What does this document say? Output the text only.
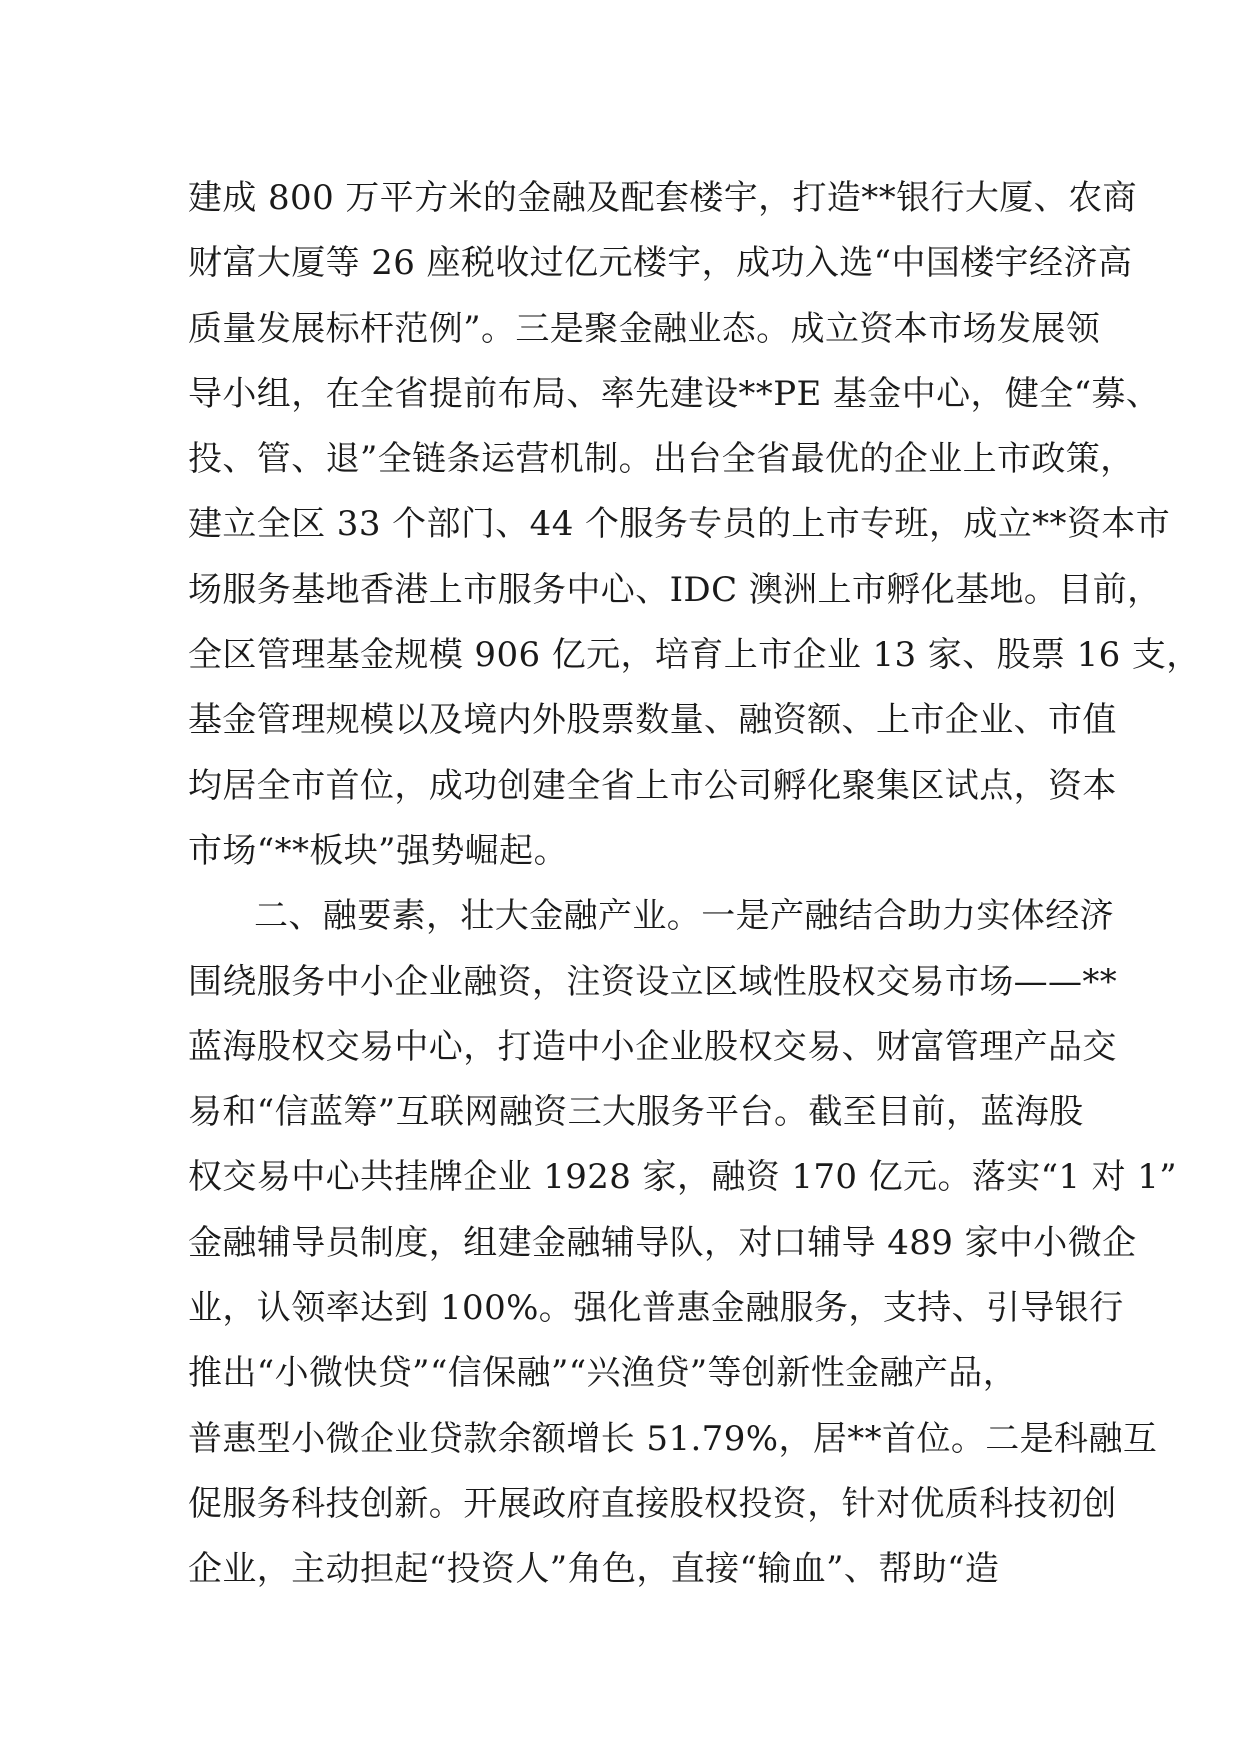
建成 800 万平方米的金融及配套楼宇，打造**银行大厦、农商
财富大厦等 26 座税收过亿元楼宇，成功入选“中国楼宇经济高
质量发展标杆范例”。三是聚金融业态。成立资本市场发展领
导小组，在全省提前布局、率先建设**PE 基金中心，健全“募、
投、管、退”全链条运营机制。出台全省最优的企业上市政策，
建立全区 33 个部门、44 个服务专员的上市专班，成立**资本市
场服务基地香港上市服务中心、IDC 澳洲上市孵化基地。目前，
全区管理基金规模 906 亿元，培育上市企业 13 家、股票 16 支，
基金管理规模以及境内外股票数量、融资额、上市企业、市值
均居全市首位，成功创建全省上市公司孵化聚集区试点，资本
市场“**板块”强势崛起。
二、融要素，壮大金融产业。一是产融结合助力实体经济
围绕服务中小企业融资，注资设立区域性股权交易市场——**
蓝海股权交易中心，打造中小企业股权交易、财富管理产品交
易和“信蓝筹”互联网融资三大服务平台。截至目前，蓝海股
权交易中心共挂牌企业 1928 家，融资 170 亿元。落实“1 对 1”
金融辅导员制度，组建金融辅导队，对口辅导 489 家中小微企
业，认领率达到 100%。强化普惠金融服务，支持、引导银行
推出“小微快贷”“信保融”“兴渔贷”等创新性金融产品，
普惠型小微企业贷款余额增长 51.79%，居**首位。二是科融互
促服务科技创新。开展政府直接股权投资，针对优质科技初创
企业，主动担起“投资人”角色，直接“输血”、帮助“造
